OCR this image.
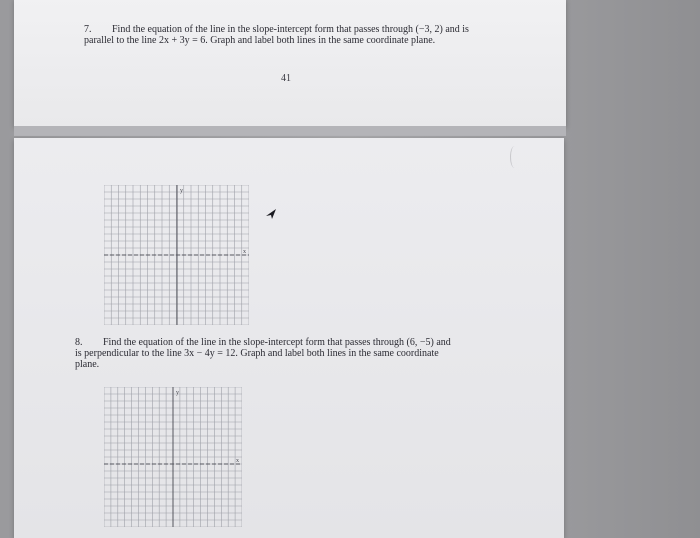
7. Find the equation of the line in the slope-intercept form that passes through (−3, 2) and is
parallel to the line 2x + 3y = 6. Graph and label both lines in the same coordinate plane.
41
y
x
8. Find the equation of the line in the slope-intercept form that passes through (6, −5) and
is perpendicular to the line 3x − 4y = 12. Graph and label both lines in the same coordinate
plane.
y
x
